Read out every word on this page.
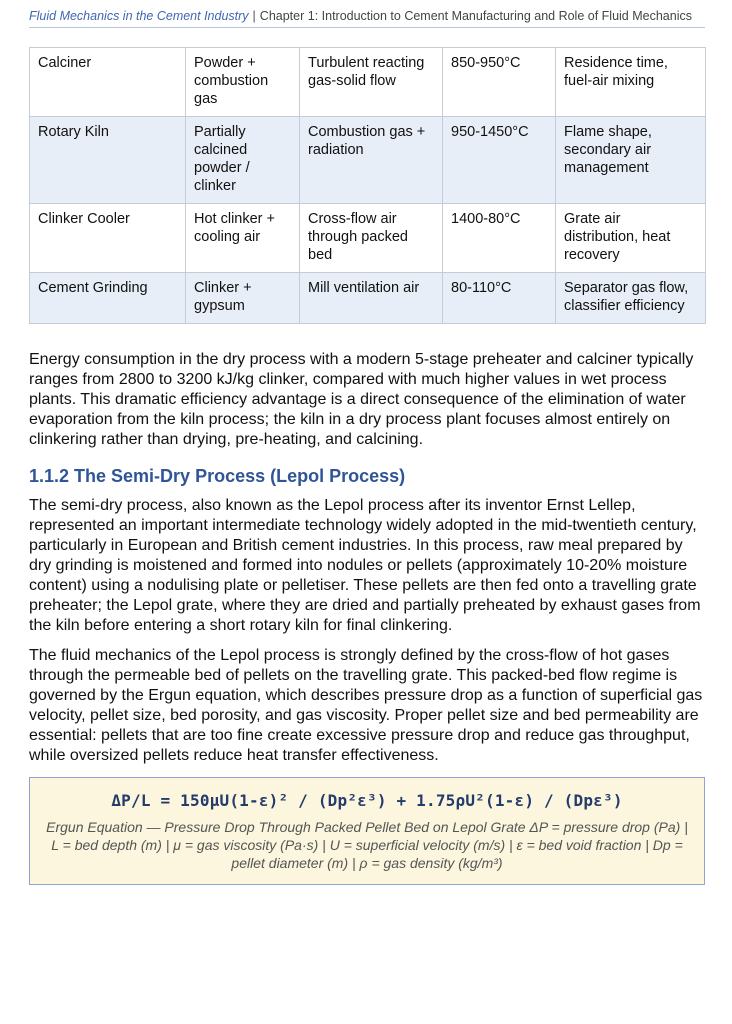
Fluid Mechanics in the Cement Industry | Chapter 1: Introduction to Cement Manufacturing and Role of Fluid Mechanics
Calciner	Powder + combustion gas	Turbulent reacting gas-solid flow	850-950°C	Residence time, fuel-air mixing
Rotary Kiln	Partially calcined powder / clinker	Combustion gas + radiation	950-1450°C	Flame shape, secondary air management
Clinker Cooler	Hot clinker + cooling air	Cross-flow air through packed bed	1400-80°C	Grate air distribution, heat recovery
Cement Grinding	Clinker + gypsum	Mill ventilation air	80-110°C	Separator gas flow, classifier efficiency

Energy consumption in the dry process with a modern 5-stage preheater and calciner typically ranges from 2800 to 3200 kJ/kg clinker, compared with much higher values in wet process plants. This dramatic efficiency advantage is a direct consequence of the elimination of water evaporation from the kiln process; the kiln in a dry process plant focuses almost entirely on clinkering rather than drying, pre-heating, and calcining.

1.1.2 The Semi-Dry Process (Lepol Process)

The semi-dry process, also known as the Lepol process after its inventor Ernst Lellep, represented an important intermediate technology widely adopted in the mid-twentieth century, particularly in European and British cement industries. In this process, raw meal prepared by dry grinding is moistened and formed into nodules or pellets (approximately 10-20% moisture content) using a nodulising plate or pelletiser. These pellets are then fed onto a travelling grate preheater; the Lepol grate, where they are dried and partially preheated by exhaust gases from the kiln before entering a short rotary kiln for final clinkering.

The fluid mechanics of the Lepol process is strongly defined by the cross-flow of hot gases through the permeable bed of pellets on the travelling grate. This packed-bed flow regime is governed by the Ergun equation, which describes pressure drop as a function of superficial gas velocity, pellet size, bed porosity, and gas viscosity. Proper pellet size and bed permeability are essential: pellets that are too fine create excessive pressure drop and reduce gas throughput, while oversized pellets reduce heat transfer effectiveness.

ΔP/L = 150μU(1-ε)² / (Dp²ε³) + 1.75ρU²(1-ε) / (Dpε³)
Ergun Equation — Pressure Drop Through Packed Pellet Bed on Lepol Grate ΔP = pressure drop (Pa) | L = bed depth (m) | μ = gas viscosity (Pa·s) | U = superficial velocity (m/s) | ε = bed void fraction | Dp = pellet diameter (m) | ρ = gas density (kg/m³)
